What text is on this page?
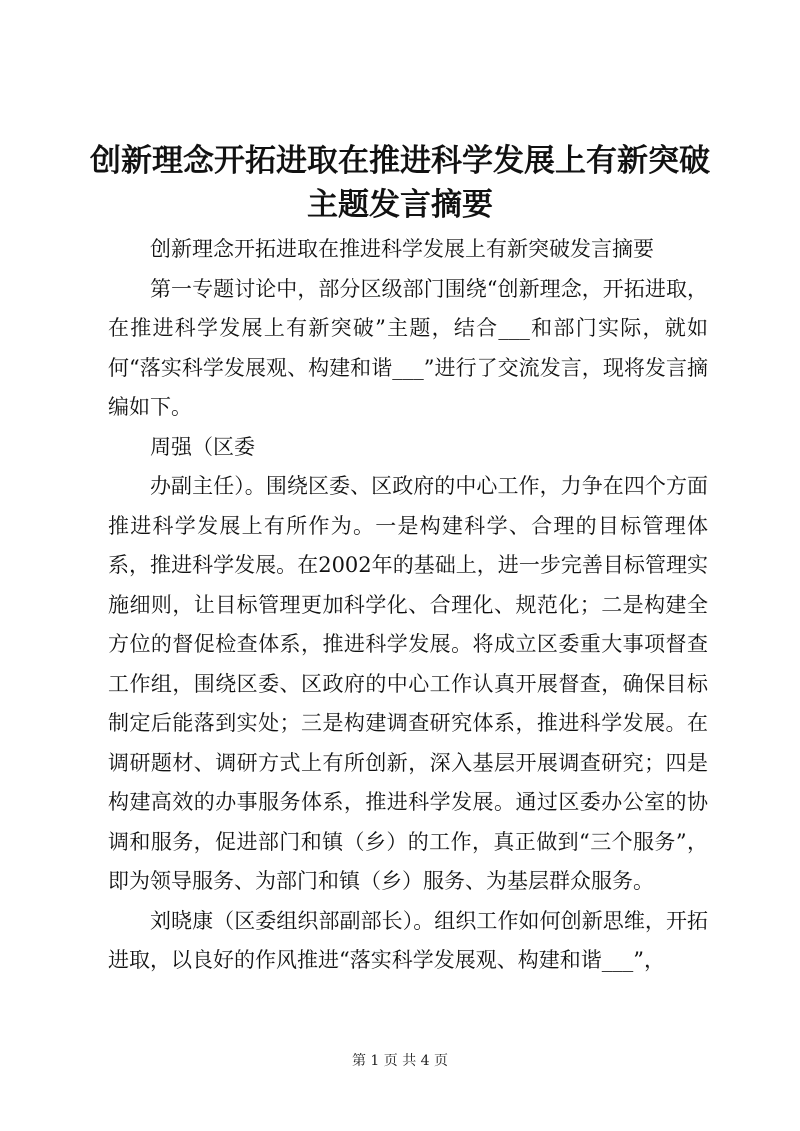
创新理念开拓进取在推进科学发展上有新突破
主题发言摘要

创新理念开拓进取在推进科学发展上有新突破发言摘要

第一专题讨论中，部分区级部门围绕“创新理念，开拓进取，在推进科学发展上有新突破”主题，结合___和部门实际，就如何“落实科学发展观、构建和谐___”进行了交流发言，现将发言摘编如下。

周强（区委

办副主任）。围绕区委、区政府的中心工作，力争在四个方面推进科学发展上有所作为。一是构建科学、合理的目标管理体系，推进科学发展。在2002年的基础上，进一步完善目标管理实施细则，让目标管理更加科学化、合理化、规范化；二是构建全方位的督促检查体系，推进科学发展。将成立区委重大事项督查工作组，围绕区委、区政府的中心工作认真开展督查，确保目标制定后能落到实处；三是构建调查研究体系，推进科学发展。在调研题材、调研方式上有所创新，深入基层开展调查研究；四是构建高效的办事服务体系，推进科学发展。通过区委办公室的协调和服务，促进部门和镇（乡）的工作，真正做到“三个服务”，即为领导服务、为部门和镇（乡）服务、为基层群众服务。

刘晓康（区委组织部副部长）。组织工作如何创新思维，开拓进取，以良好的作风推进“落实科学发展观、构建和谐___”，

第 1 页 共 4 页
